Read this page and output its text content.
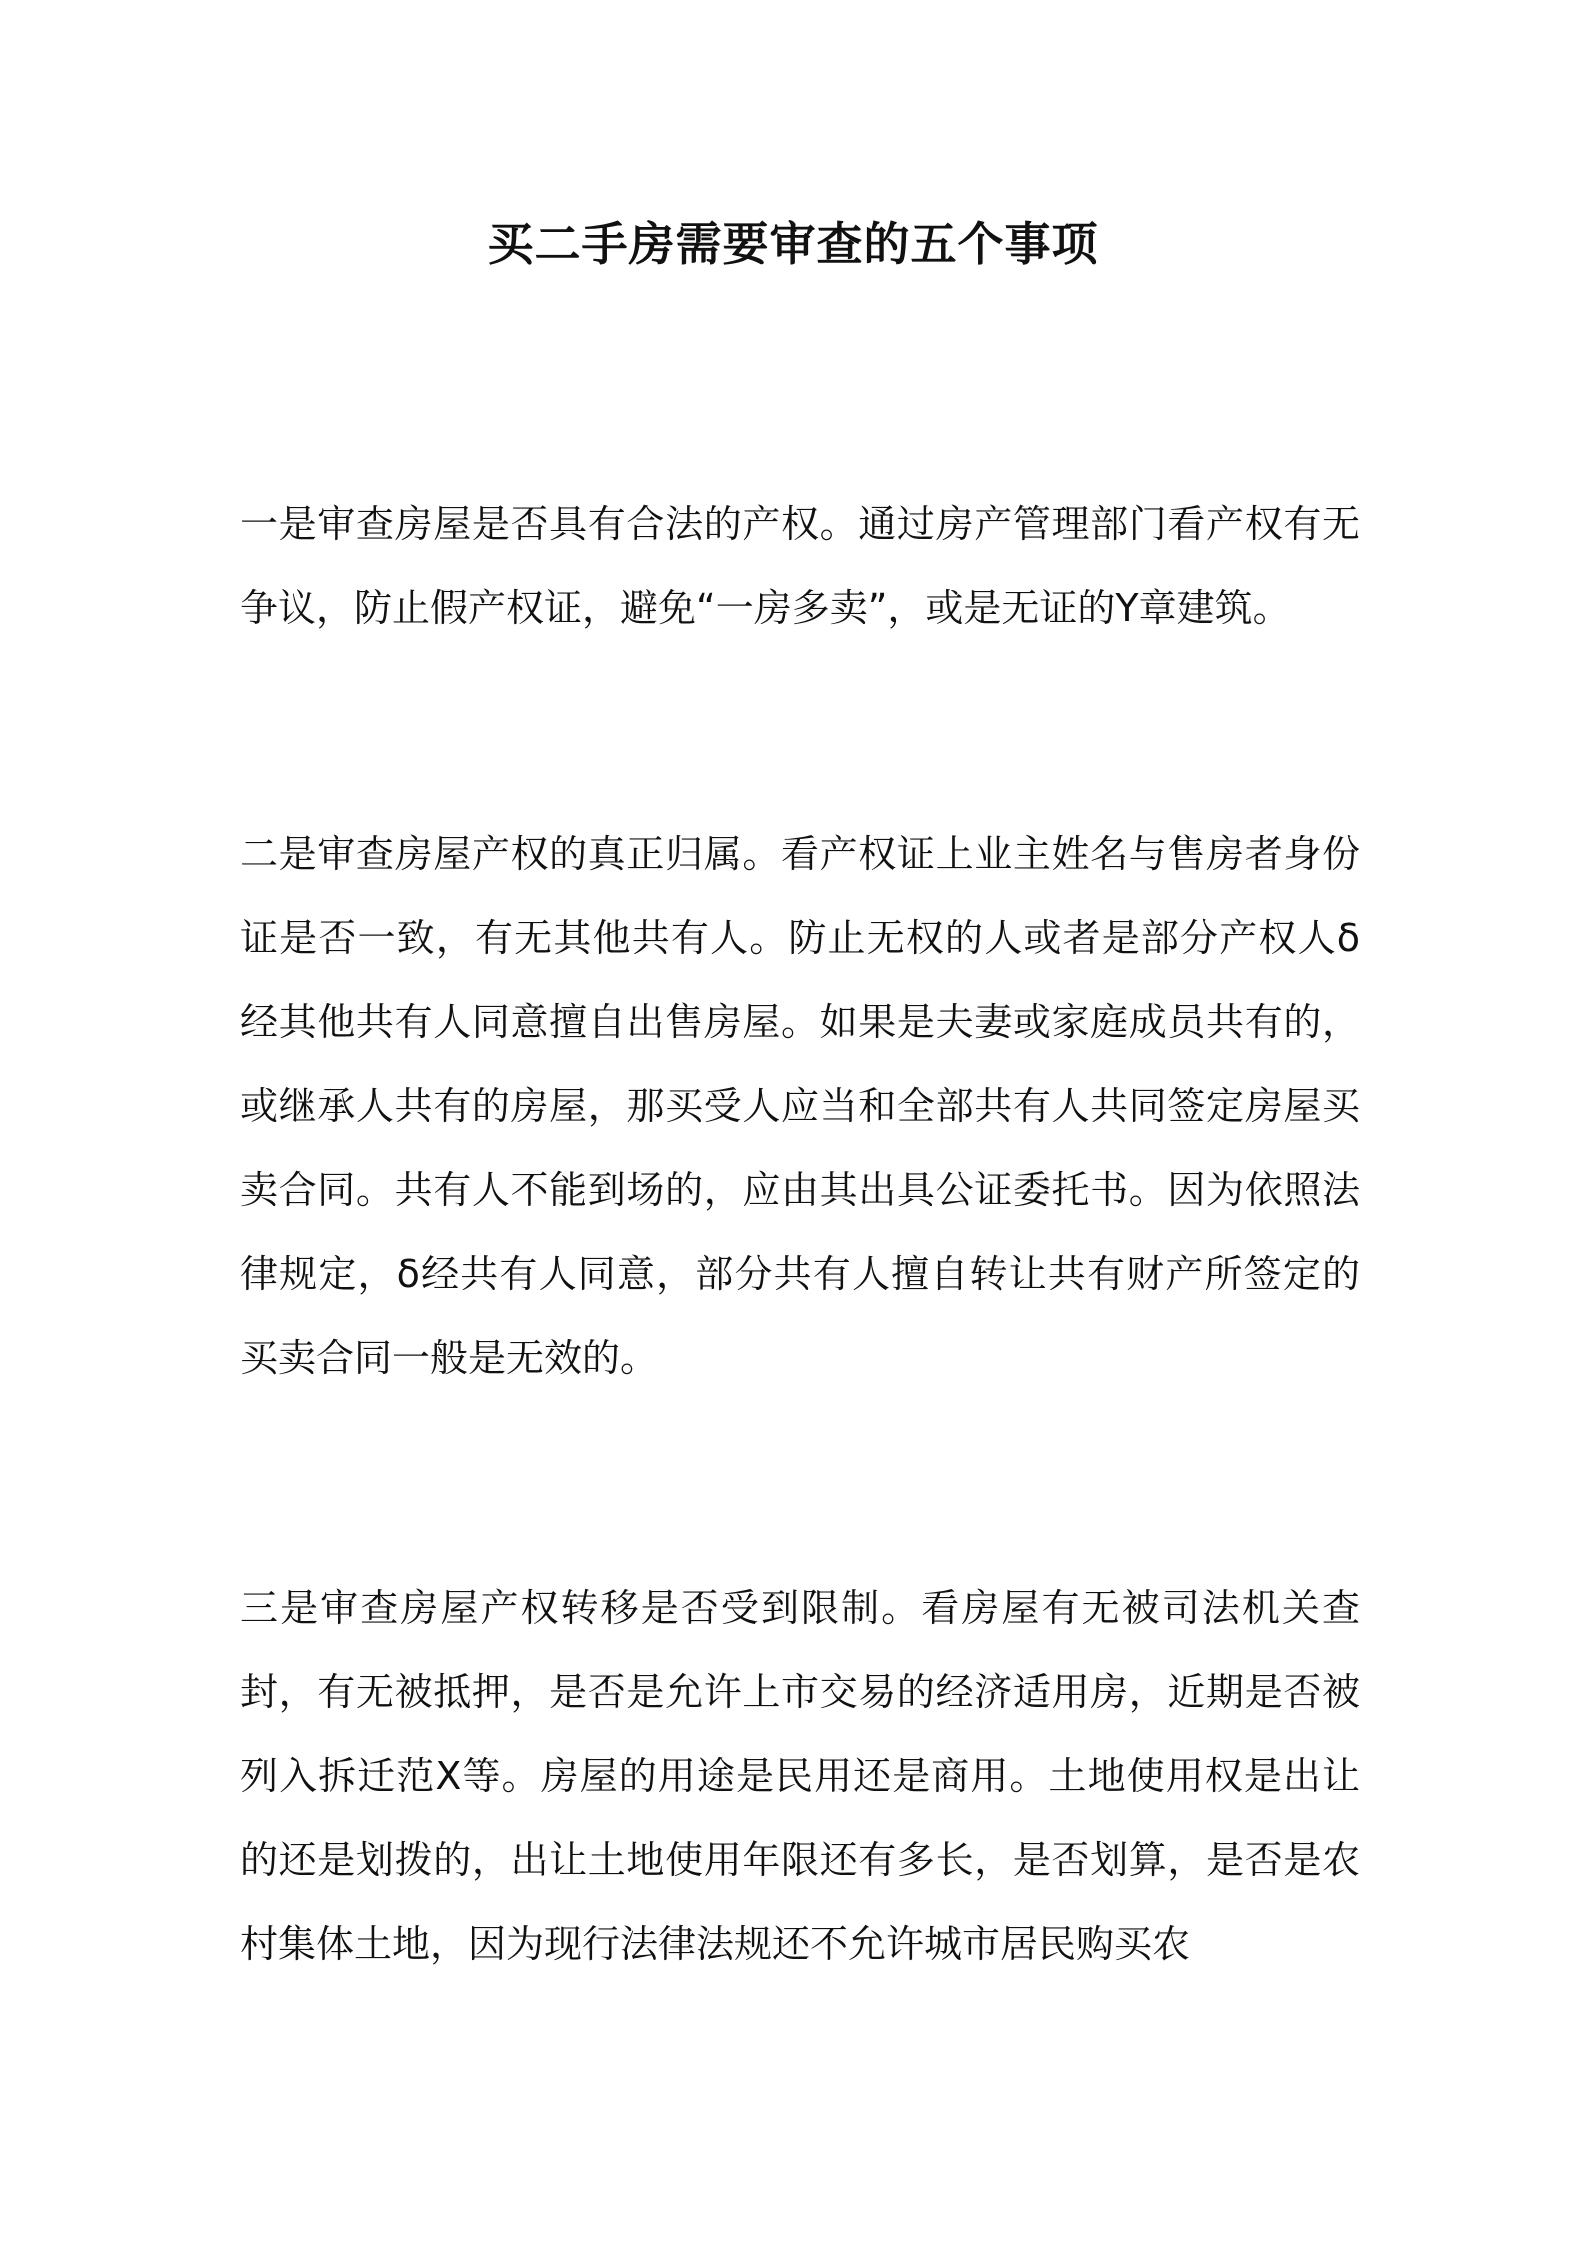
买二手房需要审查的五个事项
一是审查房屋是否具有合法的产权。通过房产管理部门看产权有无争议，防止假产权证，避免“一房多卖”，或是无证的Y章建筑。
二是审查房屋产权的真正归属。看产权证上业主姓名与售房者身份证是否一致，有无其他共有人。防止无权的人或者是部分产权人δ经其他共有人同意擅自出售房屋。如果是夫妻或家庭成员共有的，或继承人共有的房屋，那买受人应当和全部共有人共同签定房屋买卖合同。共有人不能到场的，应由其出具公证委托书。因为依照法律规定，δ经共有人同意，部分共有人擅自转让共有财产所签定的买卖合同一般是无效的。
三是审查房屋产权转移是否受到限制。看房屋有无被司法机关查封，有无被抵押，是否是允许上市交易的经济适用房，近期是否被列入拆迁范X等。房屋的用途是民用还是商用。土地使用权是出让的还是划拨的，出让土地使用年限还有多长，是否划算，是否是农村集体土地，因为现行法律法规还不允许城市居民购买农
